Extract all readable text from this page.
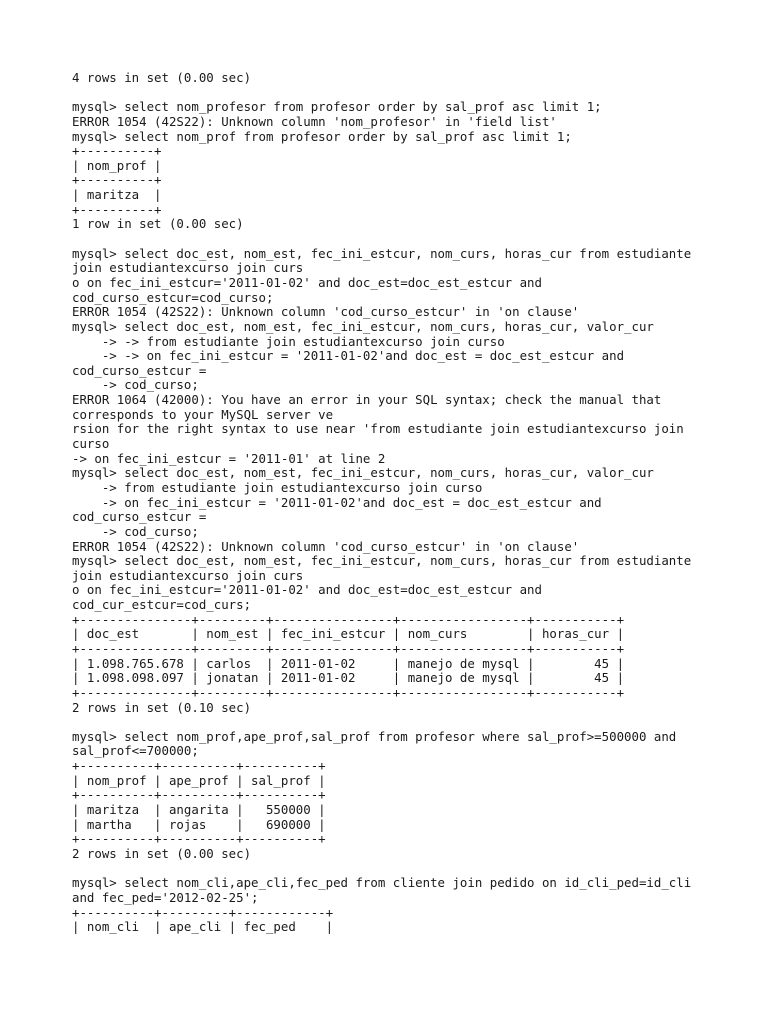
4 rows in set (0.00 sec)
mysql> select nom_profesor from profesor order by sal_prof asc limit 1;
ERROR 1054 (42S22): Unknown column 'nom_profesor' in 'field list'
mysql> select nom_prof from profesor order by sal_prof asc limit 1;
+----------+
| nom_prof |
+----------+
| maritza  |
+----------+
1 row in set (0.00 sec)
mysql> select doc_est, nom_est, fec_ini_estcur, nom_curs, horas_cur from estudiante
join estudiantexcurso join curs
o on fec_ini_estcur='2011-01-02' and doc_est=doc_est_estcur and
cod_curso_estcur=cod_curso;
ERROR 1054 (42S22): Unknown column 'cod_curso_estcur' in 'on clause'
mysql> select doc_est, nom_est, fec_ini_estcur, nom_curs, horas_cur, valor_cur
-> -> from estudiante join estudiantexcurso join curso
-> -> on fec_ini_estcur = '2011-01-02'and doc_est = doc_est_estcur and
cod_curso_estcur =
-> cod_curso;
ERROR 1064 (42000): You have an error in your SQL syntax; check the manual that
corresponds to your MySQL server ve
rsion for the right syntax to use near 'from estudiante join estudiantexcurso join
curso
-> on fec_ini_estcur = '2011-01' at line 2
mysql> select doc_est, nom_est, fec_ini_estcur, nom_curs, horas_cur, valor_cur
-> from estudiante join estudiantexcurso join curso
-> on fec_ini_estcur = '2011-01-02'and doc_est = doc_est_estcur and
cod_curso_estcur =
-> cod_curso;
ERROR 1054 (42S22): Unknown column 'cod_curso_estcur' in 'on clause'
mysql> select doc_est, nom_est, fec_ini_estcur, nom_curs, horas_cur from estudiante
join estudiantexcurso join curs
o on fec_ini_estcur='2011-01-02' and doc_est=doc_est_estcur and
cod_cur_estcur=cod_curs;
+---------------+---------+----------------+-----------------+-----------+
| doc_est       | nom_est | fec_ini_estcur | nom_curs        | horas_cur |
+---------------+---------+----------------+-----------------+-----------+
| 1.098.765.678 | carlos  | 2011-01-02     | manejo de mysql |        45 |
| 1.098.098.097 | jonatan | 2011-01-02     | manejo de mysql |        45 |
+---------------+---------+----------------+-----------------+-----------+
2 rows in set (0.10 sec)
mysql> select nom_prof,ape_prof,sal_prof from profesor where sal_prof>=500000 and
sal_prof<=700000;
+----------+----------+----------+
| nom_prof | ape_prof | sal_prof |
+----------+----------+----------+
| maritza  | angarita |   550000 |
| martha   | rojas    |   690000 |
+----------+----------+----------+
2 rows in set (0.00 sec)
mysql> select nom_cli,ape_cli,fec_ped from cliente join pedido on id_cli_ped=id_cli
and fec_ped='2012-02-25';
+----------+---------+------------+
| nom_cli  | ape_cli | fec_ped    |
